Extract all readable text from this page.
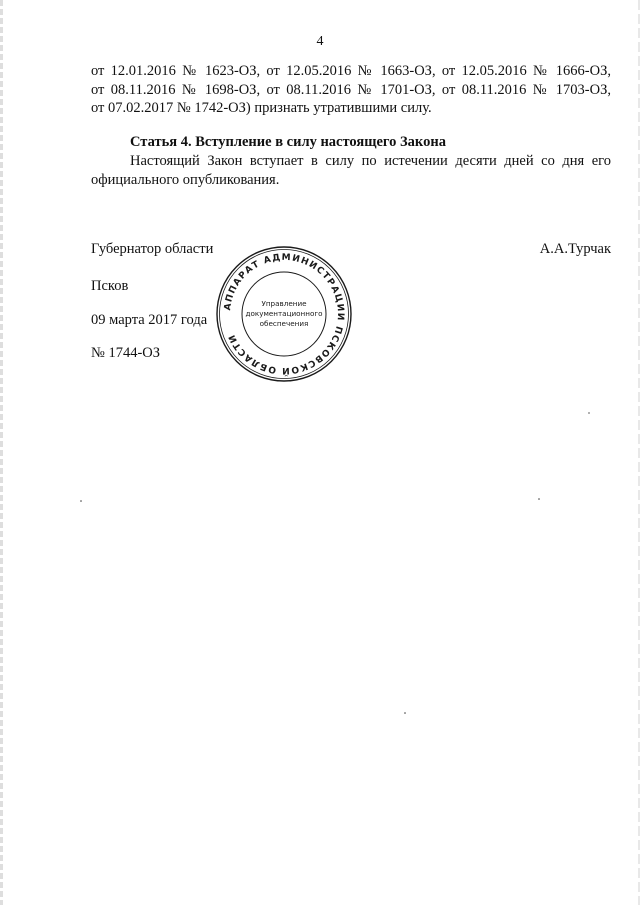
4
от 12.01.2016 № 1623-ОЗ, от 12.05.2016 № 1663-ОЗ, от 12.05.2016 № 1666-ОЗ,
от 08.11.2016 № 1698-ОЗ, от 08.11.2016 № 1701-ОЗ, от 08.11.2016 № 1703-ОЗ,
от 07.02.2017 № 1742-ОЗ) признать утратившими силу.
Статья 4. Вступление в силу настоящего Закона
Настоящий Закон вступает в силу по истечении десяти дней со дня его
официального опубликования.
Губернатор области	А.А.Турчак
Псков
09 марта 2017 года
№ 1744-ОЗ
АППАРАТ АДМИНИСТРАЦИИ ПСКОВСКОЙ ОБЛАСТИ
Управление
документационного
обеспечения
